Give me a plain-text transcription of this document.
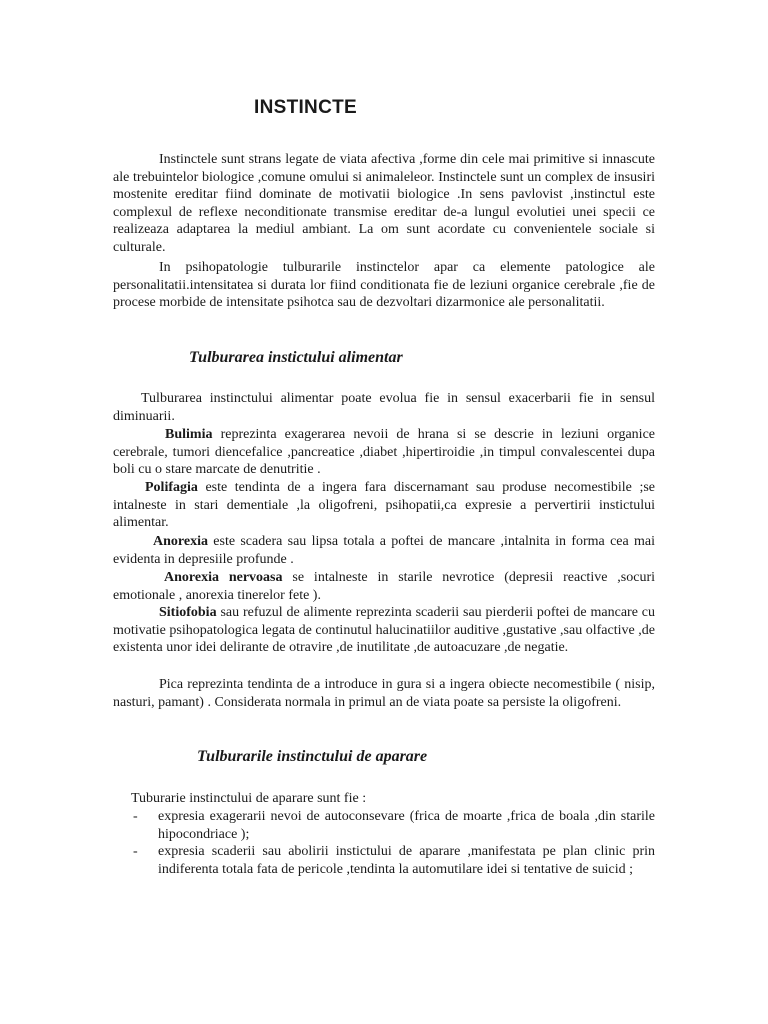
INSTINCTE
Instinctele sunt strans legate de viata afectiva ,forme din cele mai primitive si innascute ale trebuintelor biologice ,comune omului si animaleleor. Instinctele sunt un complex de insusiri mostenite ereditar fiind dominate de motivatii biologice .In sens pavlovist ,instinctul este complexul de reflexe neconditionate transmise ereditar de-a lungul evolutiei unei specii ce realizeaza adaptarea la mediul ambiant. La om sunt acordate cu convenientele sociale si culturale.
In psihopatologie tulburarile instinctelor apar ca elemente patologice ale personalitatii.intensitatea si durata lor fiind conditionata fie de leziuni organice cerebrale ,fie de procese morbide de intensitate psihotca sau de dezvoltari dizarmonice ale personalitatii.
Tulburarea instictului alimentar
Tulburarea instinctului alimentar poate evolua fie in sensul exacerbarii fie in sensul diminuarii.
Bulimia reprezinta exagerarea nevoii de hrana si se descrie in leziuni organice cerebrale, tumori diencefalice ,pancreatice ,diabet ,hipertiroidie ,in timpul convalescentei dupa boli cu o stare marcate de denutritie .
Polifagia este tendinta de a ingera fara discernamant sau produse necomestibile ;se intalneste in stari dementiale ,la oligofreni, psihopatii,ca expresie a pervertirii instictului alimentar.
Anorexia este scadera sau lipsa totala a poftei de mancare ,intalnita in forma cea mai evidenta in depresiile profunde .
Anorexia nervoasa se intalneste in starile nevrotice (depresii reactive ,socuri emotionale , anorexia tinerelor fete ).
Sitiofobia sau refuzul de alimente reprezinta scaderii sau pierderii poftei de mancare cu motivatie psihopatologica legata de continutul halucinatiilor auditive ,gustative ,sau olfactive ,de existenta unor idei delirante de otravire ,de inutilitate ,de autoacuzare ,de negatie.
Pica reprezinta tendinta de a introduce in gura si a ingera obiecte necomestibile ( nisip, nasturi, pamant) . Considerata normala in primul an de viata poate sa persiste la oligofreni.
Tulburarile instinctului de aparare
Tuburarie instinctului de aparare sunt fie :
- expresia exagerarii nevoi de autoconsevare (frica de moarte ,frica de boala ,din starile hipocondriace );
- expresia scaderii sau abolirii instictului de aparare ,manifestata pe plan clinic prin indiferenta totala fata de pericole ,tendinta la automutilare idei si tentative de suicid ;
